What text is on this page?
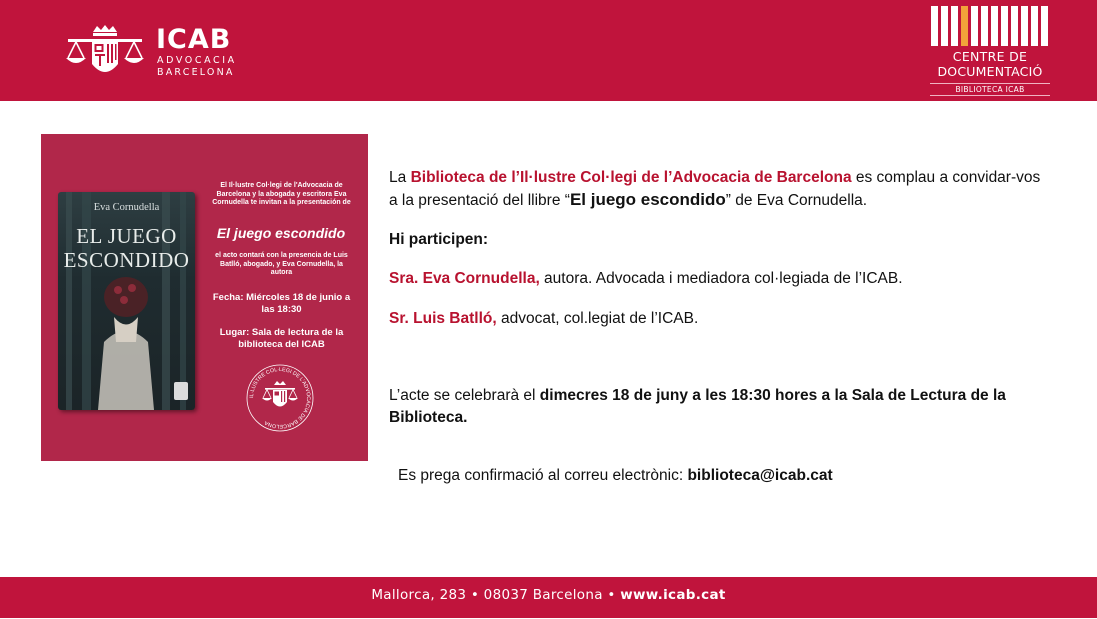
ICAB
ADVOCACIA
BARCELONA
CENTRE DE
DOCUMENTACIÓ
BIBLIOTECA ICAB
Eva Cornudella
EL JUEGO
ESCONDIDO
El Il·lustre Col·legi de l'Advocacia de Barcelona y la abogada y escritora Eva Cornudella te invitan a la presentación de
El juego escondido
el acto contará con la presencia de Luis Batlló, abogado, y Eva Cornudella, la autora
Fecha: Miércoles 18 de junio a las 18:30
Lugar: Sala de lectura de la biblioteca del ICAB
IL·LUSTRE COL·LEGI DE L'ADVOCACIA DE BARCELONA
La Biblioteca de l’Il·lustre Col·legi de l’Advocacia de Barcelona es complau a convidar-vos a la presentació del llibre “El juego escondido” de Eva Cornudella.
Hi participen:
Sra. Eva Cornudella, autora. Advocada i mediadora col·legiada de l’ICAB.
Sr. Luis Batlló, advocat, col.legiat de l’ICAB.
L’acte se celebrarà el dimecres 18 de juny a les 18:30 hores a la Sala de Lectura de la Biblioteca.
Es prega confirmació al correu electrònic: biblioteca@icab.cat
Mallorca, 283 • 08037 Barcelona • www.icab.cat
